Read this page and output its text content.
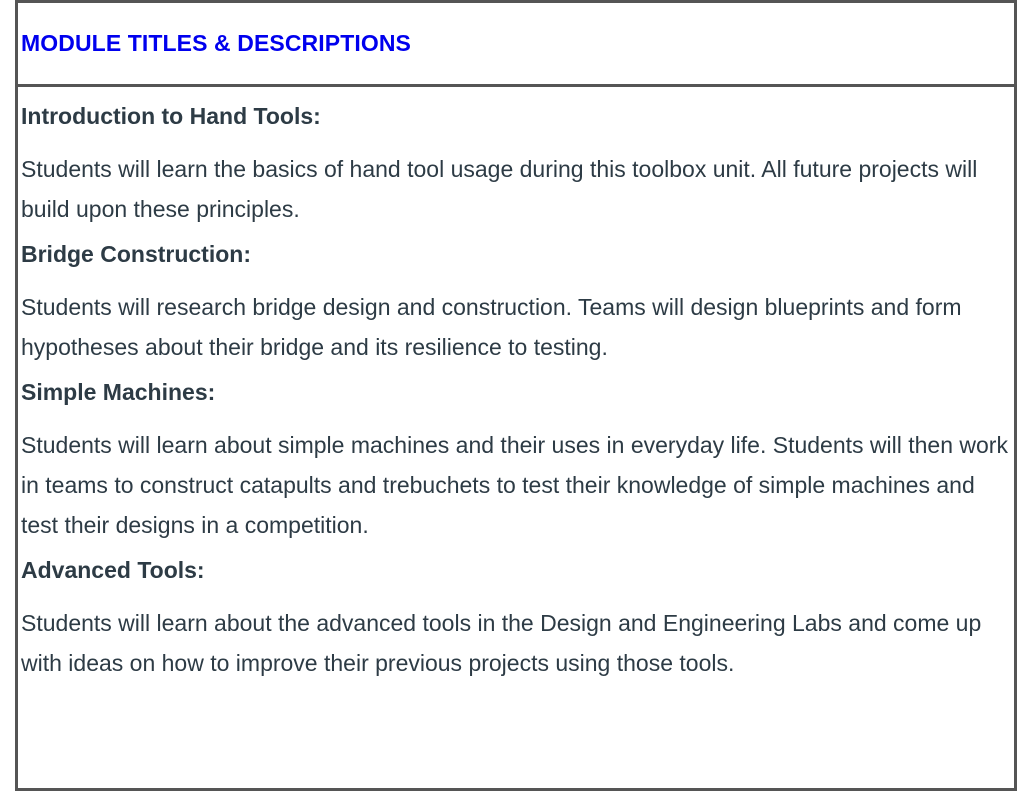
MODULE TITLES & DESCRIPTIONS

Introduction to Hand Tools:

Students will learn the basics of hand tool usage during this toolbox unit. All future projects will build upon these principles.

Bridge Construction:

Students will research bridge design and construction. Teams will design blueprints and form hypotheses about their bridge and its resilience to testing.

Simple Machines:

Students will learn about simple machines and their uses in everyday life. Students will then work in teams to construct catapults and trebuchets to test their knowledge of simple machines and test their designs in a competition.

Advanced Tools:

Students will learn about the advanced tools in the Design and Engineering Labs and come up with ideas on how to improve their previous projects using those tools.
